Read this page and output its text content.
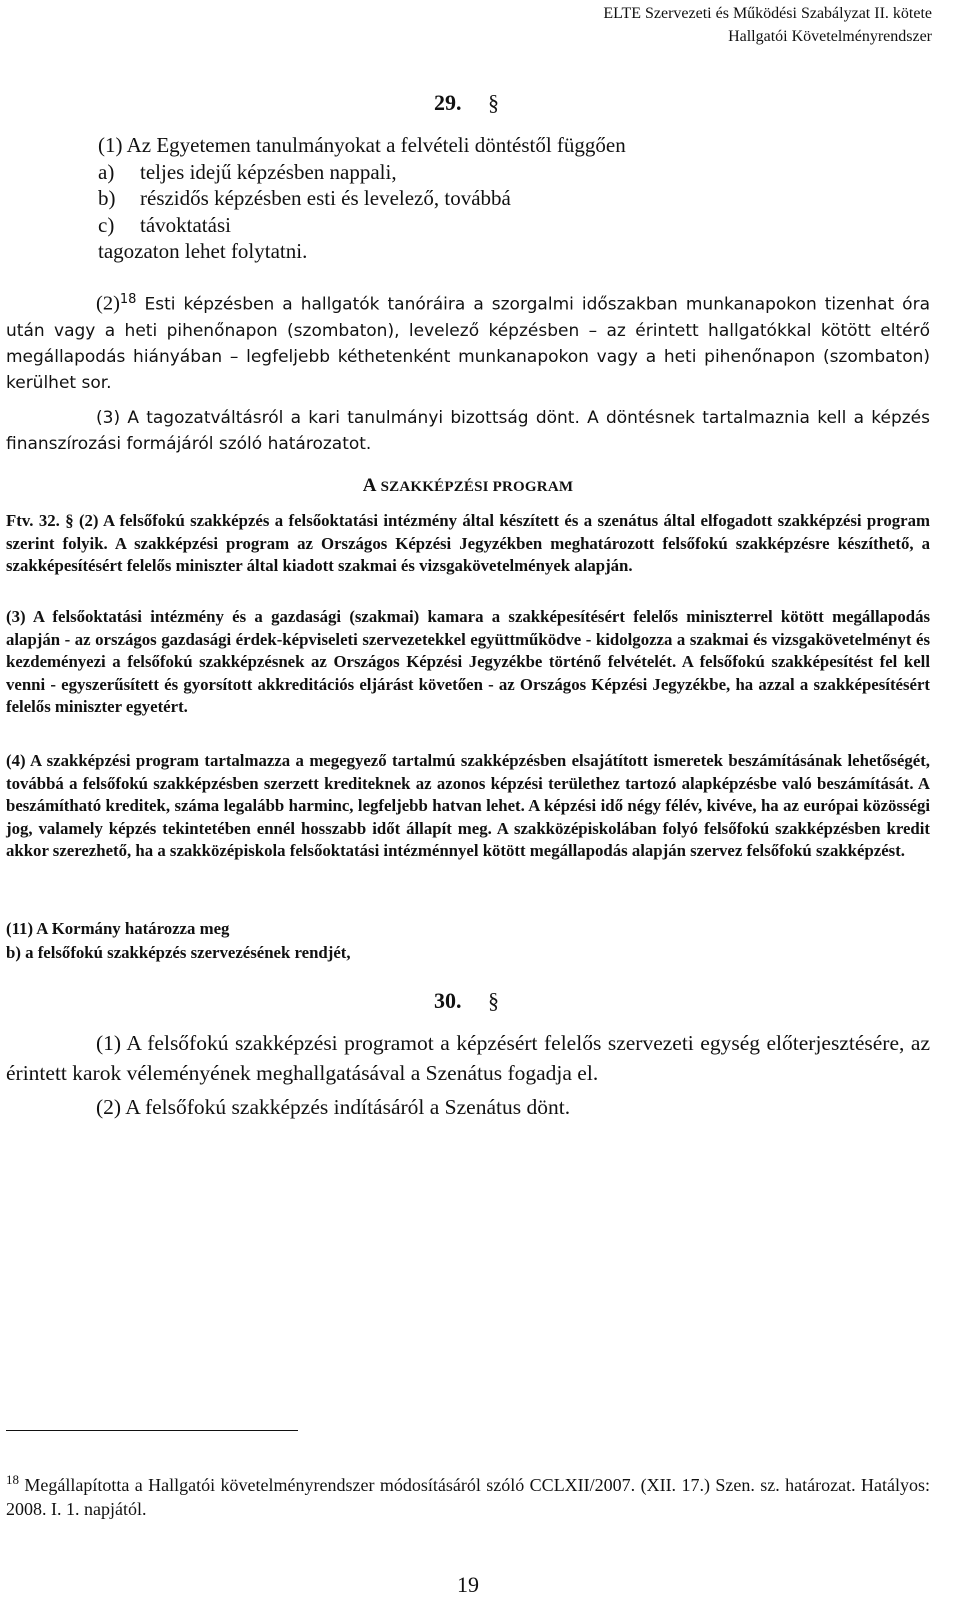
ELTE Szervezeti és Működési Szabályzat II. kötete
Hallgatói Követelményrendszer
29. §
(1) Az Egyetemen tanulmányokat a felvételi döntéstől függően
a) teljes idejű képzésben nappali,
b) részidős képzésben esti és levelező, továbbá
c) távoktatási
tagozaton lehet folytatni.
$(2)^{18}$ Esti képzésben a hallgatók tanóráira a szorgalmi időszakban munkanapokon tizenhat óra után vagy a heti pihenőnapon (szombaton), levelező képzésben – az érintett hallgatókkal kötött eltérő megállapodás hiányában – legfeljebb kéthetenként munkanapokon vagy a heti pihenőnapon (szombaton) kerülhet sor.
(3) A tagozatváltásról a kari tanulmányi bizottság dönt. A döntésnek tartalmaznia kell a képzés finanszírozási formájáról szóló határozatot.
A SZAKKÉPZÉSI PROGRAM
Ftv. 32. § (2) A felsőfokú szakképzés a felsőoktatási intézmény által készített és a szenátus által elfogadott szakképzési program szerint folyik. A szakképzési program az Országos Képzési Jegyzékben meghatározott felsőfokú szakképzésre készíthető, a szakképesítésért felelős miniszter által kiadott szakmai és vizsgakövetelmények alapján.
(3) A felsőoktatási intézmény és a gazdasági (szakmai) kamara a szakképesítésért felelős miniszterrel kötött megállapodás alapján - az országos gazdasági érdek-képviseleti szervezetekkel együttműködve - kidolgozza a szakmai és vizsgakövetelményt és kezdeményezi a felsőfokú szakképzésnek az Országos Képzési Jegyzékbe történő felvételét. A felsőfokú szakképesítést fel kell venni - egyszerűsített és gyorsított akkreditációs eljárást követően - az Országos Képzési Jegyzékbe, ha azzal a szakképesítésért felelős miniszter egyetért.
(4) A szakképzési program tartalmazza a megegyező tartalmú szakképzésben elsajátított ismeretek beszámításának lehetőségét, továbbá a felsőfokú szakképzésben szerzett krediteknek az azonos képzési területhez tartozó alapképzésbe való beszámítását. A beszámítható kreditek, száma legalább harminc, legfeljebb hatvan lehet. A képzési idő négy félév, kivéve, ha az európai közösségi jog, valamely képzés tekintetében ennél hosszabb időt állapít meg. A szakközépiskolában folyó felsőfokú szakképzésben kredit akkor szerezhető, ha a szakközépiskola felsőoktatási intézménnyel kötött megállapodás alapján szervez felsőfokú szakképzést.
(11) A Kormány határozza meg
b) a felsőfokú szakképzés szervezésének rendjét,
30. §
(1) A felsőfokú szakképzési programot a képzésért felelős szervezeti egység előterjesztésére, az érintett karok véleményének meghallgatásával a Szenátus fogadja el.
(2) A felsőfokú szakképzés indításáról a Szenátus dönt.
$^{18}$ Megállapította a Hallgatói követelményrendszer módosításáról szóló CCLXII/2007. (XII. 17.) Szen. sz. határozat. Hatályos: 2008. I. 1. napjától.
19
